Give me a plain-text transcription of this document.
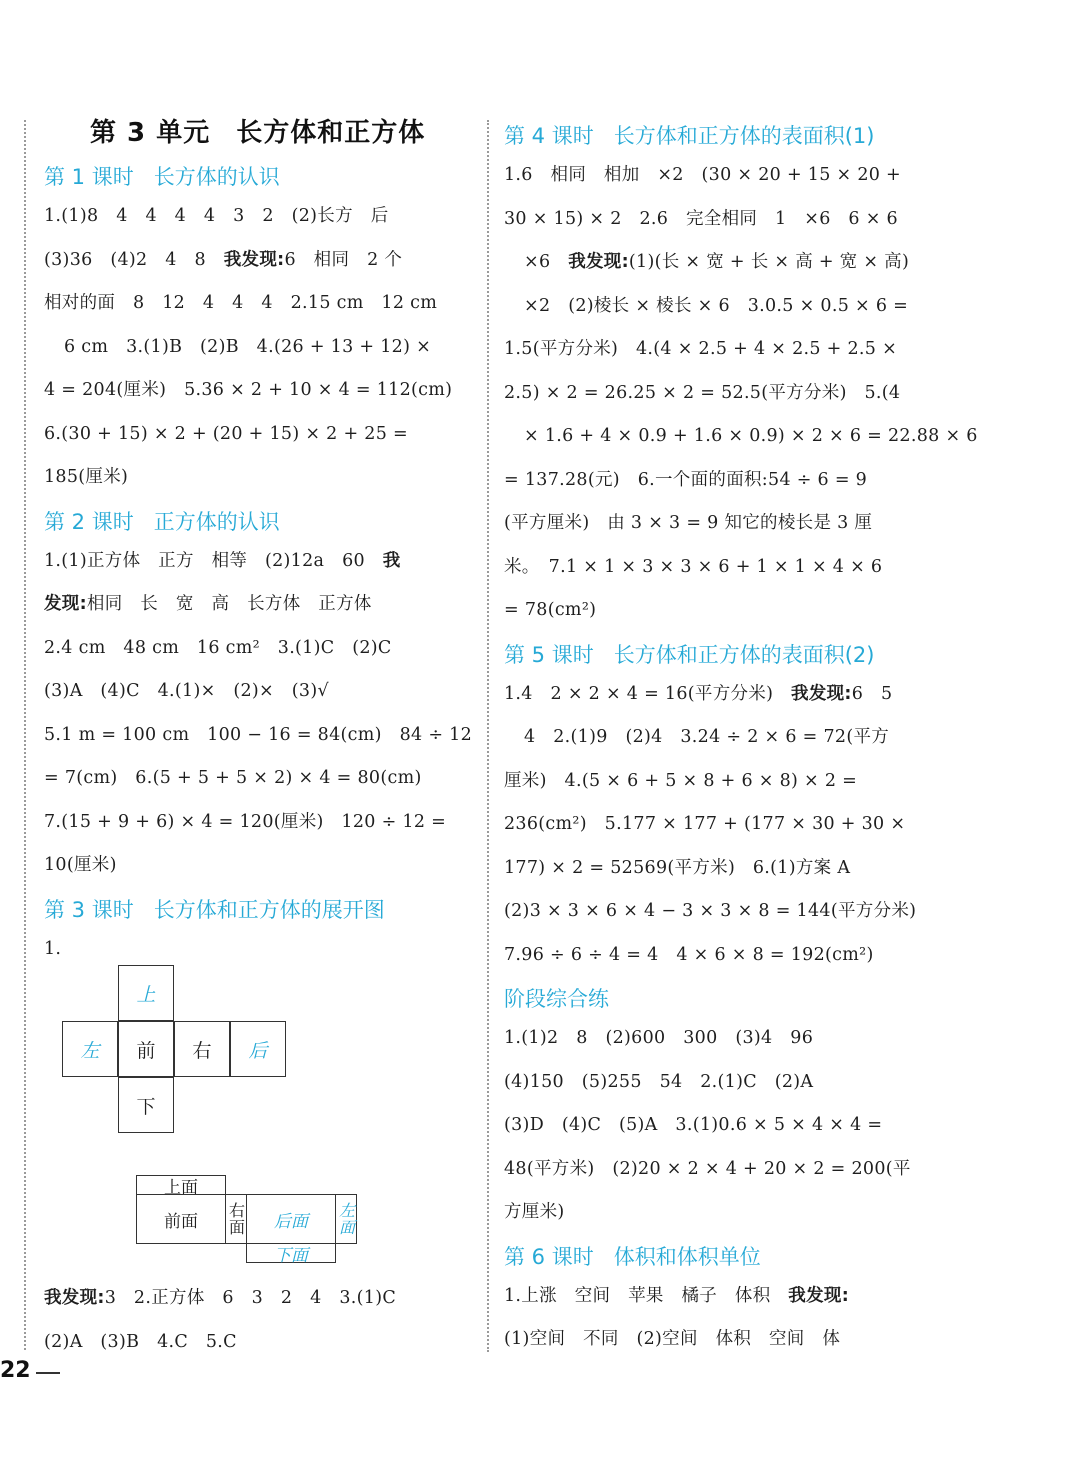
第 3 单元 长方体和正方体
第 1 课时 长方体的认识

1.(1)8　4　4　4　4　3　2　(2)长方　后

(3)36　(4)2　4　8　我发现:6　相同　2 个

相对的面　8　12　4　4　4　2.15 cm　12 cm

6 cm　3.(1)B　(2)B　4.(26 + 13 + 12) ×

4 = 204(厘米)　5.36 × 2 + 10 × 4 = 112(cm)

6.(30 + 15) × 2 + (20 + 15) × 2 + 25 =

185(厘米)

第 2 课时 正方体的认识

1.(1)正方体　正方　相等　(2)12a　60　我

发现:相同　长　宽　高　长方体　正方体

2.4 cm　48 cm　16 cm²　3.(1)C　(2)C

(3)A　(4)C　4.(1)×　(2)×　(3)√

5.1 m = 100 cm　100 − 16 = 84(cm)　84 ÷ 12

= 7(cm)　6.(5 + 5 + 5 × 2) × 4 = 80(cm)

7.(15 + 9 + 6) × 4 = 120(厘米)　120 ÷ 12 =

10(厘米)

第 3 课时 长方体和正方体的展开图

1.

上
左	前	右	后
下
上面
前面	右面	后面	左面
下面

我发现:3　2.正方体　6　3　2　4　3.(1)C

(2)A　(3)B　4.C　5.C

第 4 课时 长方体和正方体的表面积(1)

1.6　相同　相加　×2　(30 × 20 + 15 × 20 +

30 × 15) × 2　2.6　完全相同　1　×6　6 × 6

×6　我发现:(1)(长 × 宽 + 长 × 高 + 宽 × 高)

×2　(2)棱长 × 棱长 × 6　3.0.5 × 0.5 × 6 =

1.5(平方分米)　4.(4 × 2.5 + 4 × 2.5 + 2.5 ×

2.5) × 2 = 26.25 × 2 = 52.5(平方分米)　5.(4

× 1.6 + 4 × 0.9 + 1.6 × 0.9) × 2 × 6 = 22.88 × 6

= 137.28(元)　6.一个面的面积:54 ÷ 6 = 9

(平方厘米)　由 3 × 3 = 9 知它的棱长是 3 厘

米。　7.1 × 1 × 3 × 3 × 6 + 1 × 1 × 4 × 6

= 78(cm²)

第 5 课时 长方体和正方体的表面积(2)

1.4　2 × 2 × 4 = 16(平方分米)　我发现:6　5

4　2.(1)9　(2)4　3.24 ÷ 2 × 6 = 72(平方

厘米)　4.(5 × 6 + 5 × 8 + 6 × 8) × 2 =

236(cm²)　5.177 × 177 + (177 × 30 + 30 ×

177) × 2 = 52569(平方米)　6.(1)方案 A

(2)3 × 3 × 6 × 4 − 3 × 3 × 8 = 144(平方分米)

7.96 ÷ 6 ÷ 4 = 4　4 × 6 × 8 = 192(cm²)

阶段综合练

1.(1)2　8　(2)600　300　(3)4　96

(4)150　(5)255　54　2.(1)C　(2)A

(3)D　(4)C　(5)A　3.(1)0.6 × 5 × 4 × 4 =

48(平方米)　(2)20 × 2 × 4 + 20 × 2 = 200(平

方厘米)

第 6 课时 体积和体积单位

1.上涨　空间　苹果　橘子　体积　我发现:

(1)空间　不同　(2)空间　体积　空间　体

22
